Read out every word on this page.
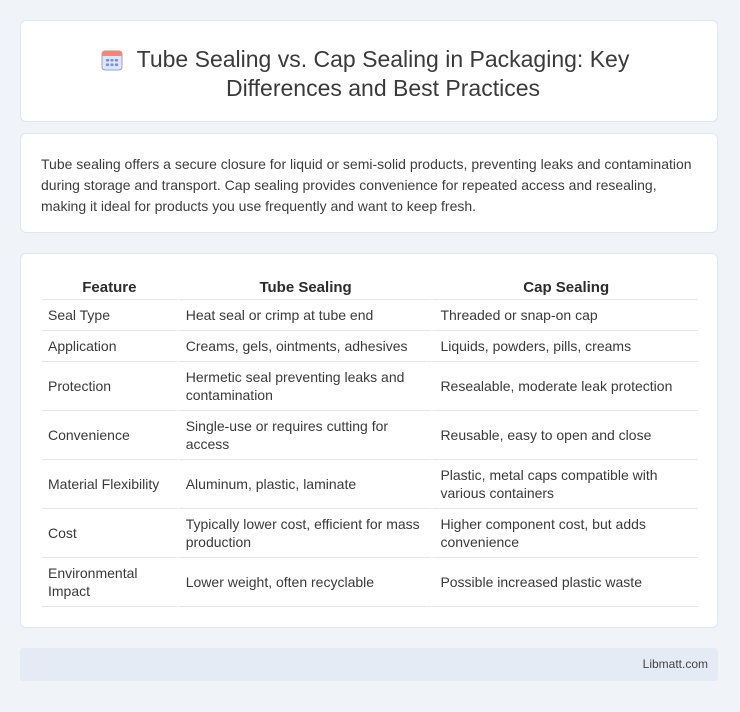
Tube Sealing vs. Cap Sealing in Packaging: Key
Differences and Best Practices

Tube sealing offers a secure closure for liquid or semi-solid products, preventing leaks and contamination during storage and transport. Cap sealing provides convenience for repeated access and resealing, making it ideal for products you use frequently and want to keep fresh.

Feature	Tube Sealing	Cap Sealing
Seal Type	Heat seal or crimp at tube end	Threaded or snap-on cap
Application	Creams, gels, ointments, adhesives	Liquids, powders, pills, creams
Protection	Hermetic seal preventing leaks and contamination	Resealable, moderate leak protection
Convenience	Single-use or requires cutting for access	Reusable, easy to open and close
Material Flexibility	Aluminum, plastic, laminate	Plastic, metal caps compatible with various containers
Cost	Typically lower cost, efficient for mass production	Higher component cost, but adds convenience
Environmental Impact	Lower weight, often recyclable	Possible increased plastic waste
Libmatt.com
